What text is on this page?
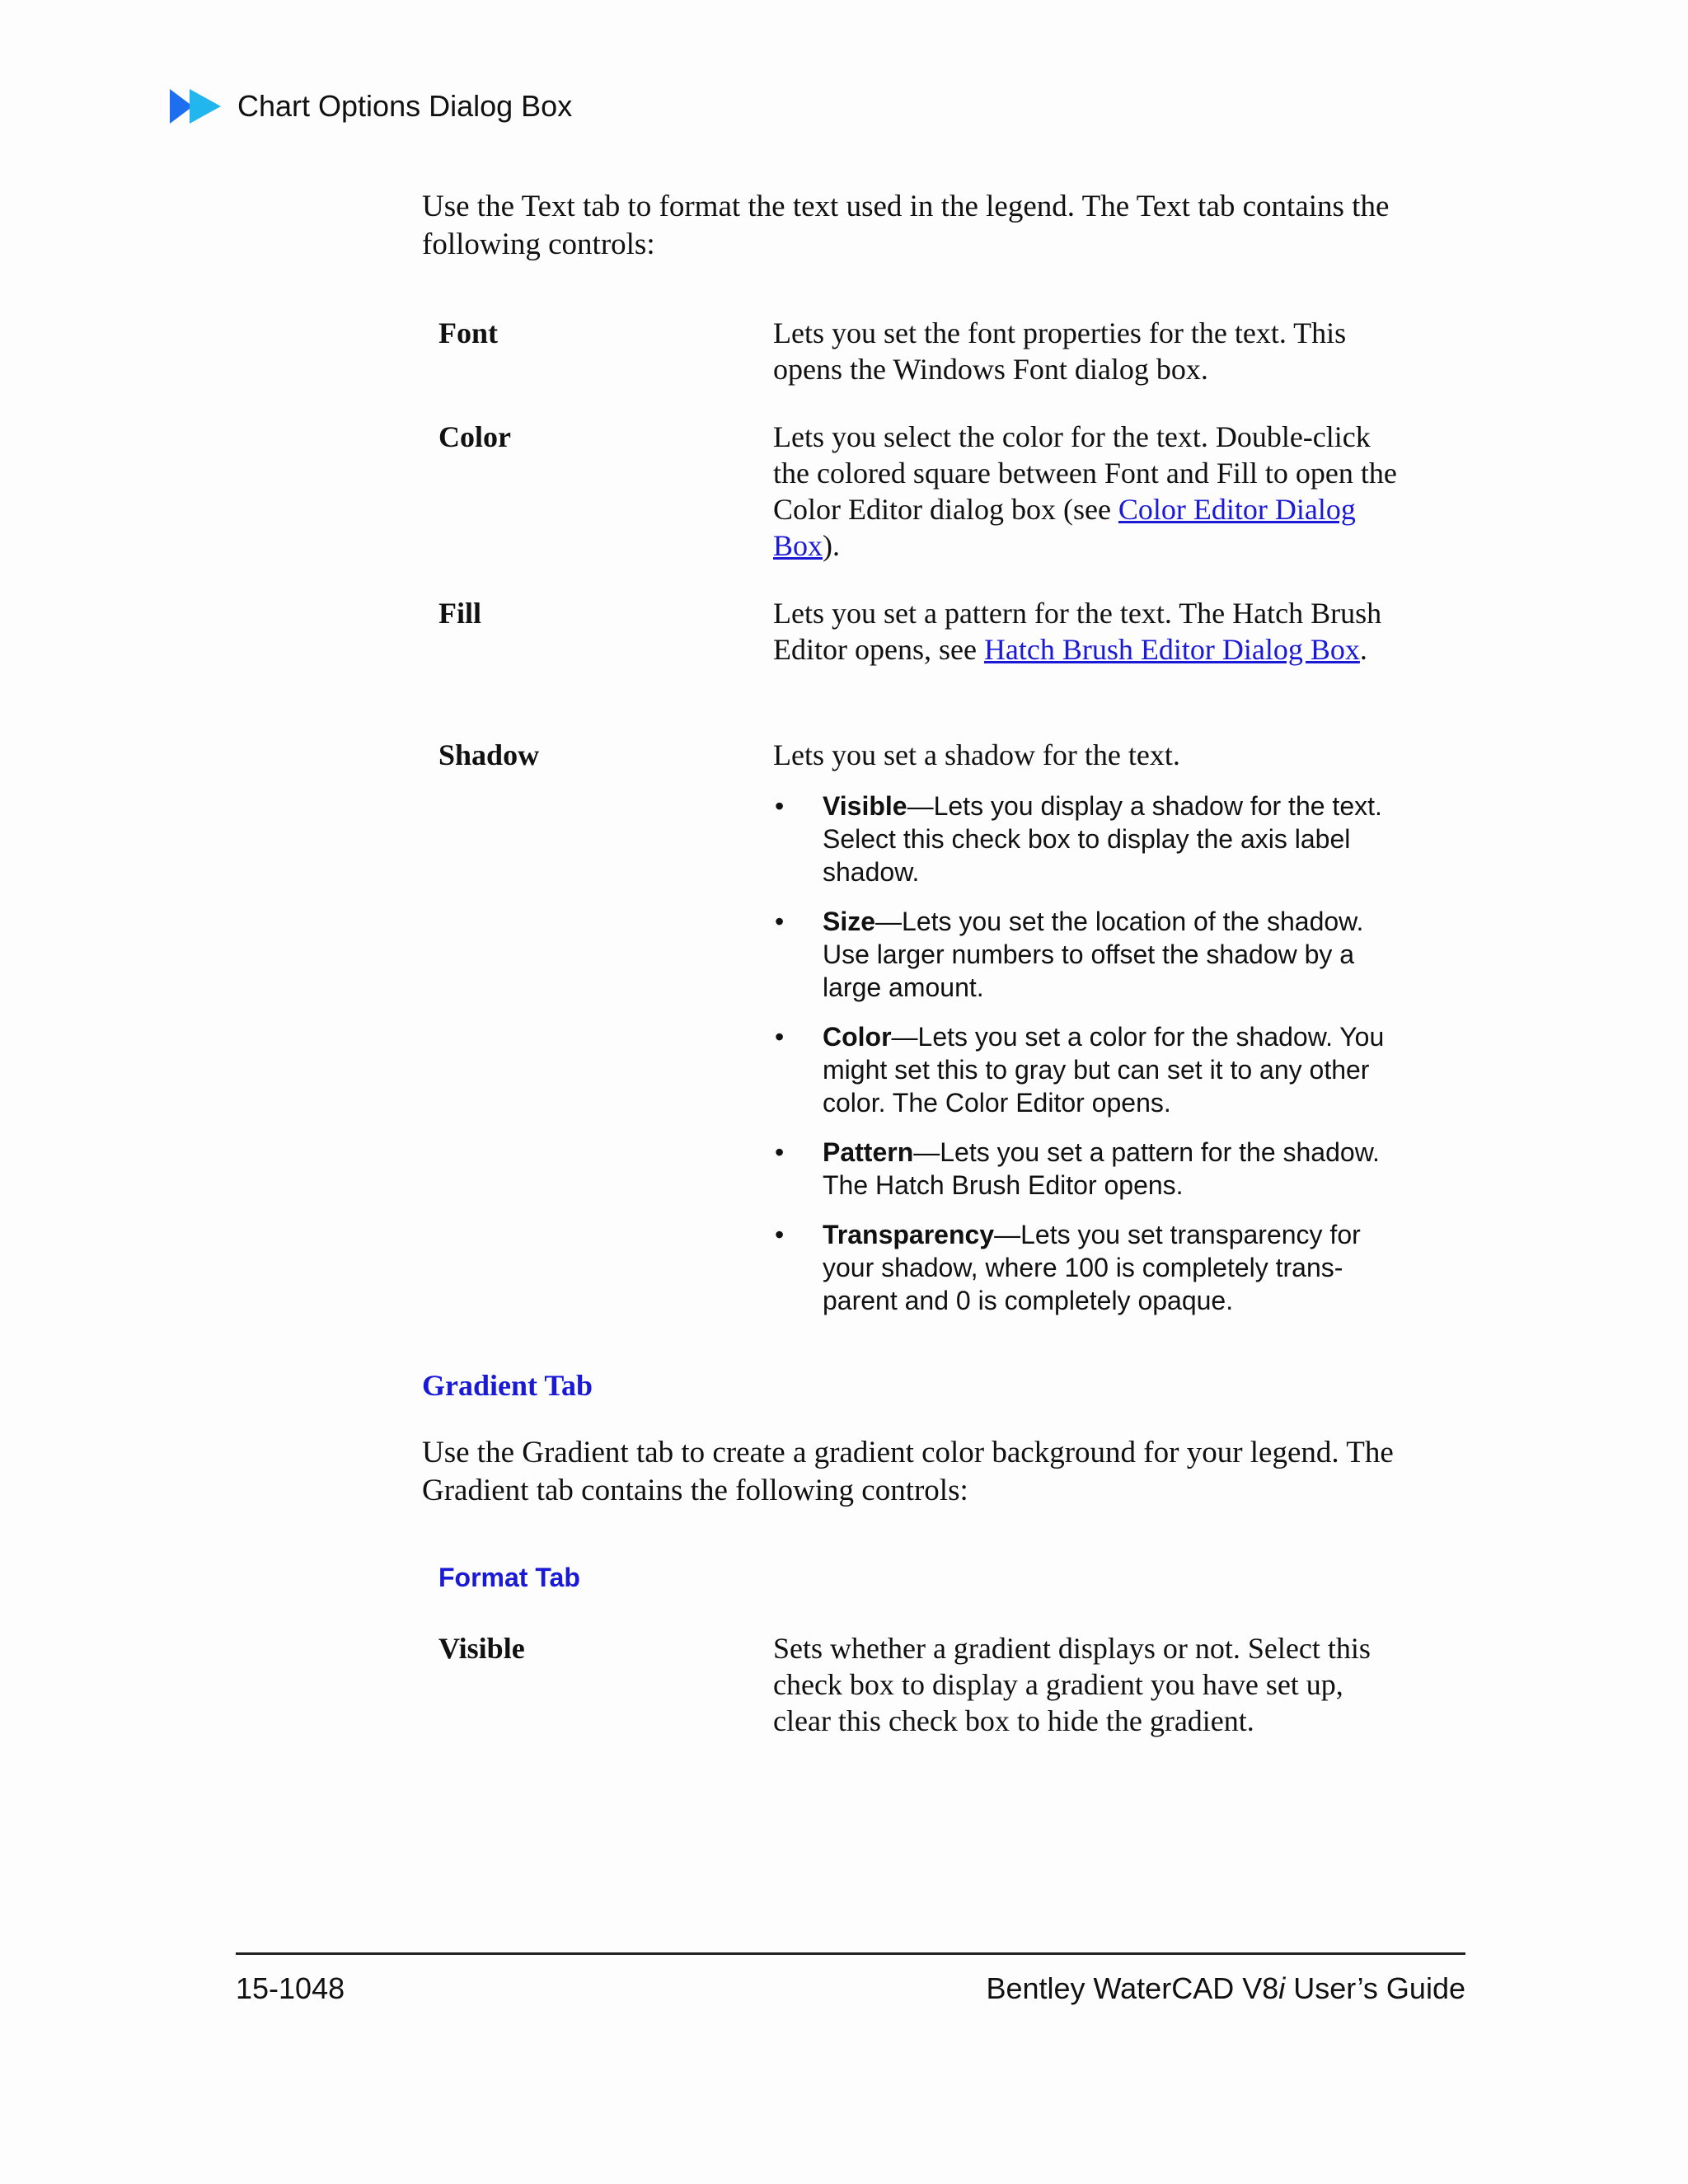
Chart Options Dialog Box
Use the Text tab to format the text used in the legend. The Text tab contains the following controls:
Font	Lets you set the font properties for the text. This opens the Windows Font dialog box.
Color	Lets you select the color for the text. Double-click the colored square between Font and Fill to open the Color Editor dialog box (see Color Editor Dialog Box).
Fill	Lets you set a pattern for the text. The Hatch Brush Editor opens, see Hatch Brush Editor Dialog Box.
Shadow	Lets you set a shadow for the text.
• Visible—Lets you display a shadow for the text. Select this check box to display the axis label shadow.
• Size—Lets you set the location of the shadow. Use larger numbers to offset the shadow by a large amount.
• Color—Lets you set a color for the shadow. You might set this to gray but can set it to any other color. The Color Editor opens.
• Pattern—Lets you set a pattern for the shadow. The Hatch Brush Editor opens.
• Transparency—Lets you set transparency for your shadow, where 100 is completely trans-parent and 0 is completely opaque.
Gradient Tab
Use the Gradient tab to create a gradient color background for your legend. The Gradient tab contains the following controls:
Format Tab
Visible	Sets whether a gradient displays or not. Select this check box to display a gradient you have set up, clear this check box to hide the gradient.
15-1048	Bentley WaterCAD V8i User’s Guide
